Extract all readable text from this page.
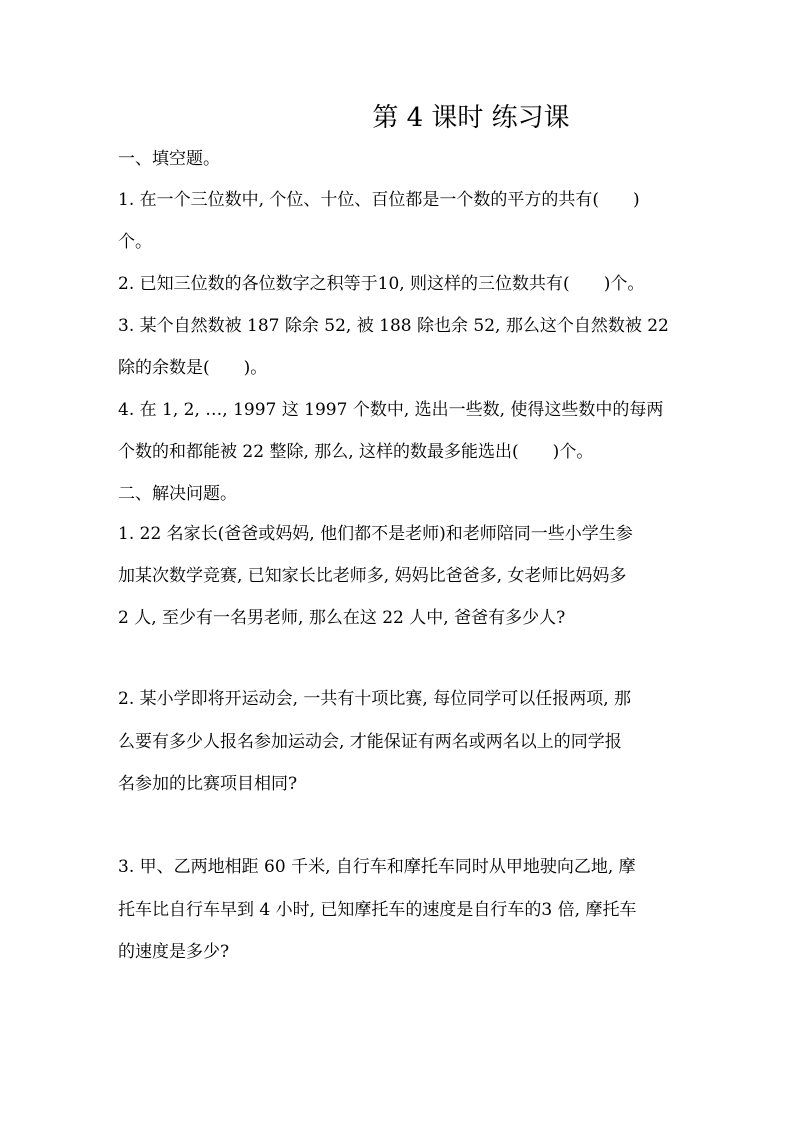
第 4 课时 练习课
一、填空题。
1. 在一个三位数中, 个位、十位、百位都是一个数的平方的共有(　　)
个。
2. 已知三位数的各位数字之积等于10, 则这样的三位数共有(　　)个。
3. 某个自然数被 187 除余 52, 被 188 除也余 52, 那么这个自然数被 22
除的余数是(　　)。
4. 在 1, 2, …, 1997 这 1997 个数中, 选出一些数, 使得这些数中的每两
个数的和都能被 22 整除, 那么, 这样的数最多能选出(　　)个。
二、解决问题。
1. 22 名家长(爸爸或妈妈, 他们都不是老师)和老师陪同一些小学生参
加某次数学竞赛, 已知家长比老师多, 妈妈比爸爸多, 女老师比妈妈多
2 人, 至少有一名男老师, 那么在这 22 人中, 爸爸有多少人?
2. 某小学即将开运动会, 一共有十项比赛, 每位同学可以任报两项, 那
么要有多少人报名参加运动会, 才能保证有两名或两名以上的同学报
名参加的比赛项目相同?
3. 甲、乙两地相距 60 千米, 自行车和摩托车同时从甲地驶向乙地, 摩
托车比自行车早到 4 小时, 已知摩托车的速度是自行车的3 倍, 摩托车
的速度是多少?
